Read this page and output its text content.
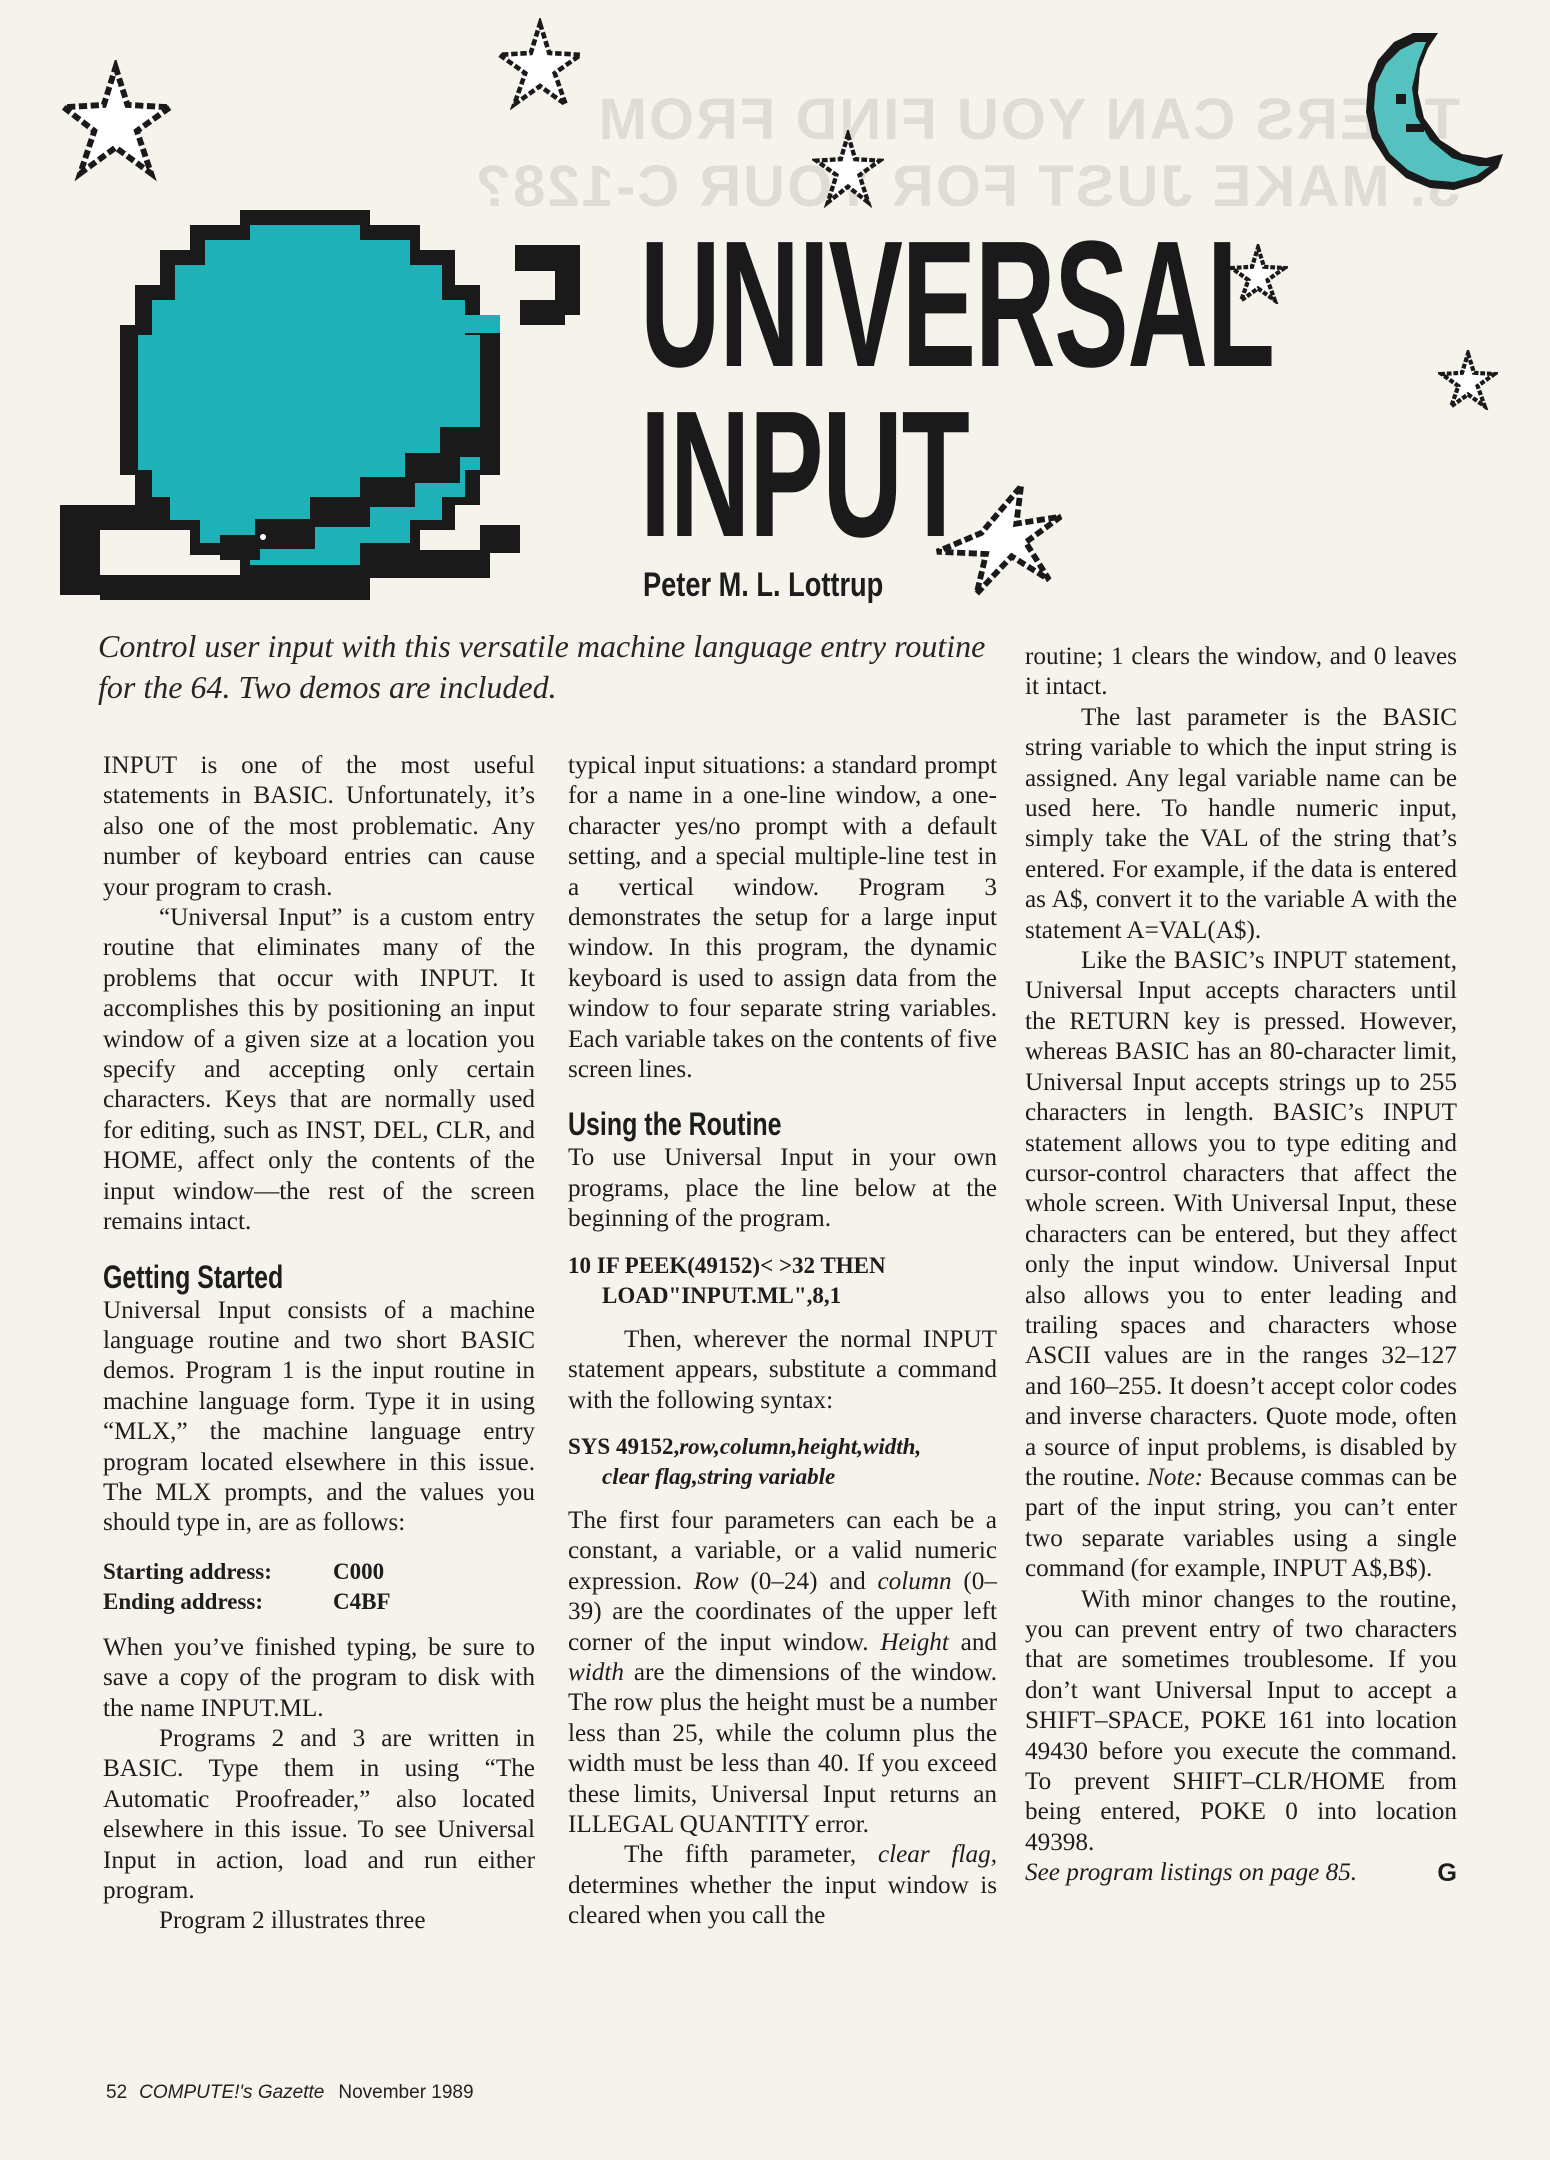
THERS CAN YOU FIND FROM
3. MAKE JUST FOR YOUR C-128?
UNIVERSAL
INPUT
Peter M. L. Lottrup
Control user input with this versatile machine language entry routine for the 64. Two demos are included.

INPUT is one of the most useful statements in BASIC. Unfortunately, it’s also one of the most problematic. Any number of keyboard entries can cause your program to crash.

“Universal Input” is a custom entry routine that eliminates many of the problems that occur with INPUT. It accomplishes this by positioning an input window of a given size at a location you specify and accepting only certain characters. Keys that are normally used for editing, such as INST, DEL, CLR, and HOME, affect only the contents of the input window—the rest of the screen remains intact.

Getting Started

Universal Input consists of a machine language routine and two short BASIC demos. Program 1 is the input routine in machine language form. Type it in using “MLX,” the machine language entry program located elsewhere in this issue. The MLX prompts, and the values you should type in, are as follows:

Starting address:	C000
Ending address:	C4BF

When you’ve finished typing, be sure to save a copy of the program to disk with the name INPUT.ML.

Programs 2 and 3 are written in BASIC. Type them in using “The Automatic Proofreader,” also located elsewhere in this issue. To see Universal Input in action, load and run either program.

Program 2 illustrates three

typical input situations: a standard prompt for a name in a one-line window, a one-character yes/no prompt with a default setting, and a special multiple-line test in a vertical window. Program 3 demonstrates the setup for a large input window. In this program, the dynamic keyboard is used to assign data from the window to four separate string variables. Each variable takes on the contents of five screen lines.

Using the Routine

To use Universal Input in your own programs, place the line below at the beginning of the program.

10 IF PEEK(49152)< >32 THEN
LOAD"INPUT.ML",8,1

Then, wherever the normal INPUT statement appears, substitute a command with the following syntax:

SYS 49152,row,column,height,width,
clear flag,string variable

The first four parameters can each be a constant, a variable, or a valid numeric expression. Row (0–24) and column (0–39) are the coordinates of the upper left corner of the input window. Height and width are the dimensions of the window. The row plus the height must be a number less than 25, while the column plus the width must be less than 40. If you exceed these limits, Universal Input returns an ILLEGAL QUANTITY error.

The fifth parameter, clear flag, determines whether the input window is cleared when you call the

routine; 1 clears the window, and 0 leaves it intact.

The last parameter is the BASIC string variable to which the input string is assigned. Any legal variable name can be used here. To handle numeric input, simply take the VAL of the string that’s entered. For example, if the data is entered as A$, convert it to the variable A with the statement A=VAL(A$).

Like the BASIC’s INPUT statement, Universal Input accepts characters until the RETURN key is pressed. However, whereas BASIC has an 80-character limit, Universal Input accepts strings up to 255 characters in length. BASIC’s INPUT statement allows you to type editing and cursor-control characters that affect the whole screen. With Universal Input, these characters can be entered, but they affect only the input window. Universal Input also allows you to enter leading and trailing spaces and characters whose ASCII values are in the ranges 32–127 and 160–255. It doesn’t accept color codes and inverse characters. Quote mode, often a source of input problems, is disabled by the routine. Note: Because commas can be part of the input string, you can’t enter two separate variables using a single command (for example, INPUT A$,B$).

With minor changes to the routine, you can prevent entry of two characters that are sometimes troublesome. If you don’t want Universal Input to accept a SHIFT–SPACE, POKE 161 into location 49430 before you execute the command. To prevent SHIFT–CLR/HOME from being entered, POKE 0 into location 49398.

See program listings on page 85.	G

52 COMPUTE!'s Gazette November 1989
